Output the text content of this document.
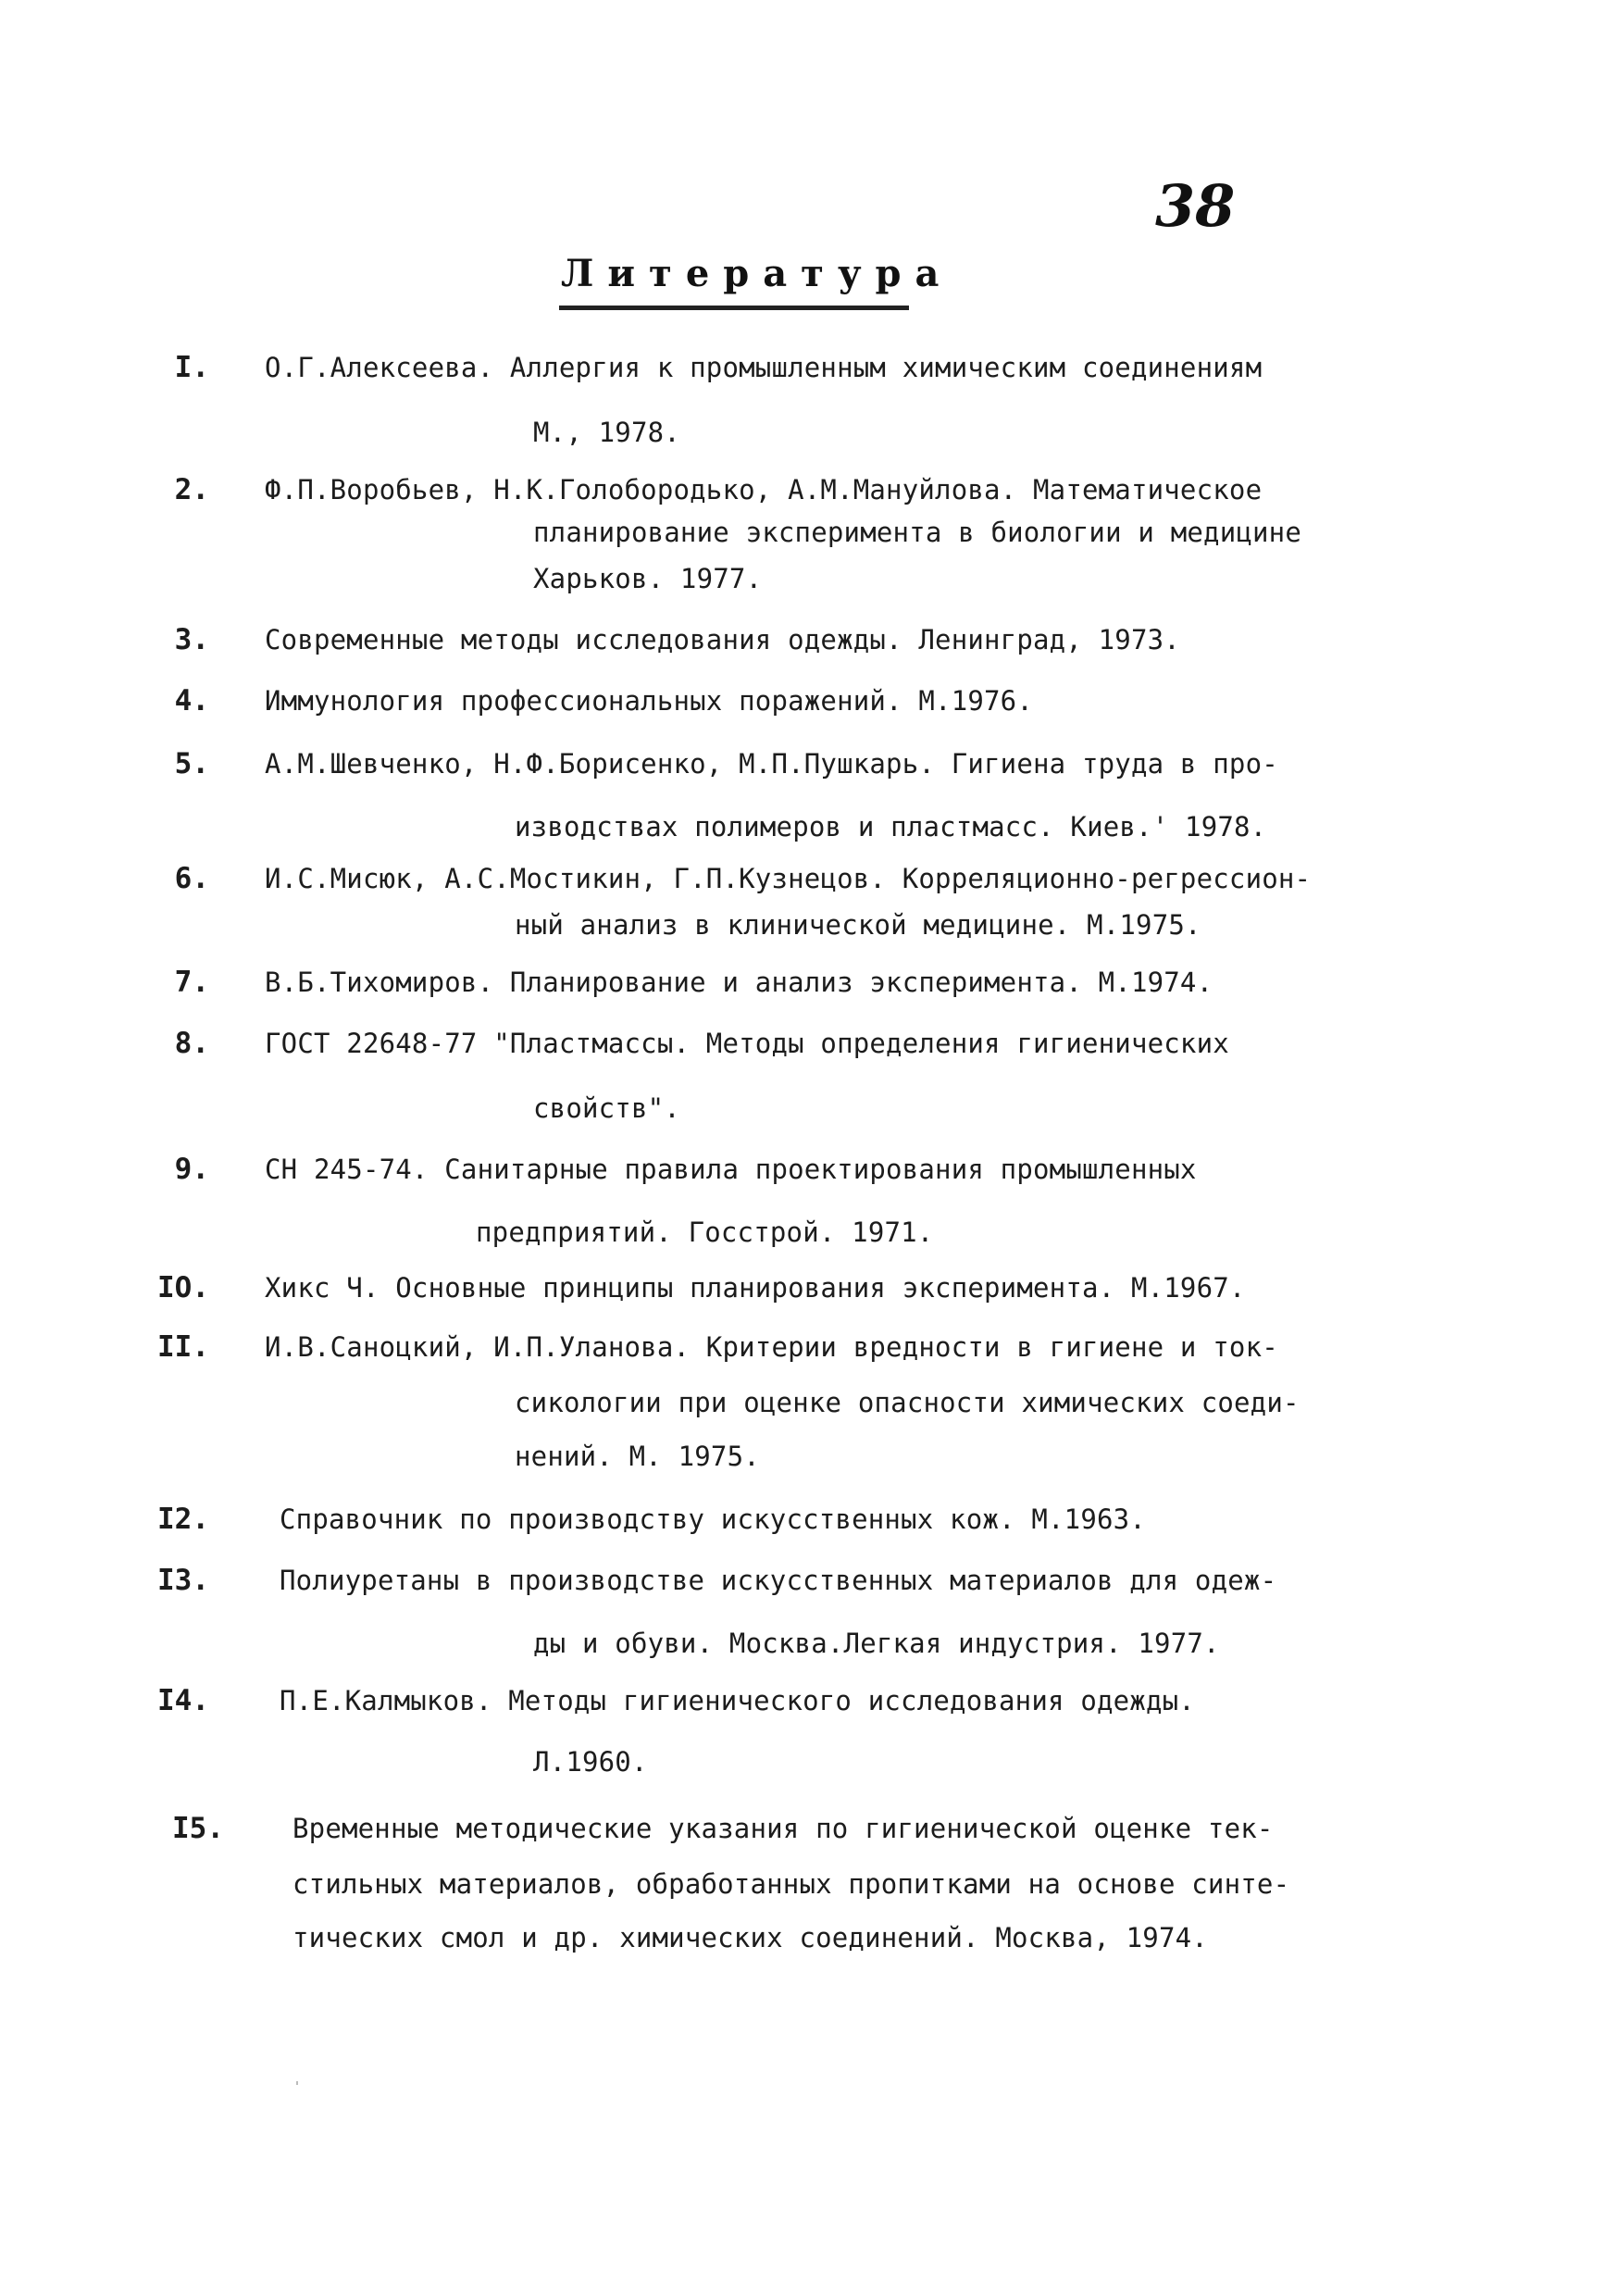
38
Литература
I. О.Г.Алексеева. Аллергия к промышленным химическим соединениям
М., 1978.
2. Ф.П.Воробьев, Н.К.Голобородько, А.М.Мануйлова. Математическое
планирование эксперимента в биологии и медицине
Харьков. 1977.
3. Современные методы исследования одежды. Ленинград, 1973.
4. Иммунология профессиональных поражений. М.1976.
5. А.М.Шевченко, Н.Ф.Борисенко, М.П.Пушкарь. Гигиена труда в про-
изводствах полимеров и пластмасс. Киев.' 1978.
6. И.С.Мисюк, А.С.Мостикин, Г.П.Кузнецов. Корреляционно-регрессион-
ный анализ в клинической медицине. М.1975.
7. В.Б.Тихомиров. Планирование и анализ эксперимента. М.1974.
8. ГОСТ 22648-77 "Пластмассы. Методы определения гигиенических
свойств".
9. СН 245-74. Санитарные правила проектирования промышленных
предприятий. Госстрой. 1971.
IO. Хикс Ч. Основные принципы планирования эксперимента. М.1967.
II. И.В.Саноцкий, И.П.Уланова. Критерии вредности в гигиене и ток-
сикологии при оценке опасности химических соеди-
нений. М. 1975.
I2.	Справочник по производству искусственных кож. М.1963.
I3.	Полиуретаны в производстве искусственных материалов для одеж-
ды и обуви. Москва.Легкая индустрия. 1977.
I4.	П.Е.Калмыков. Методы гигиенического исследования одежды.
Л.1960.
I5.	Временные методические указания по гигиенической оценке тек-
стильных материалов, обработанных пропитками на основе синте-
тических смол и др. химических соединений. Москва, 1974.
